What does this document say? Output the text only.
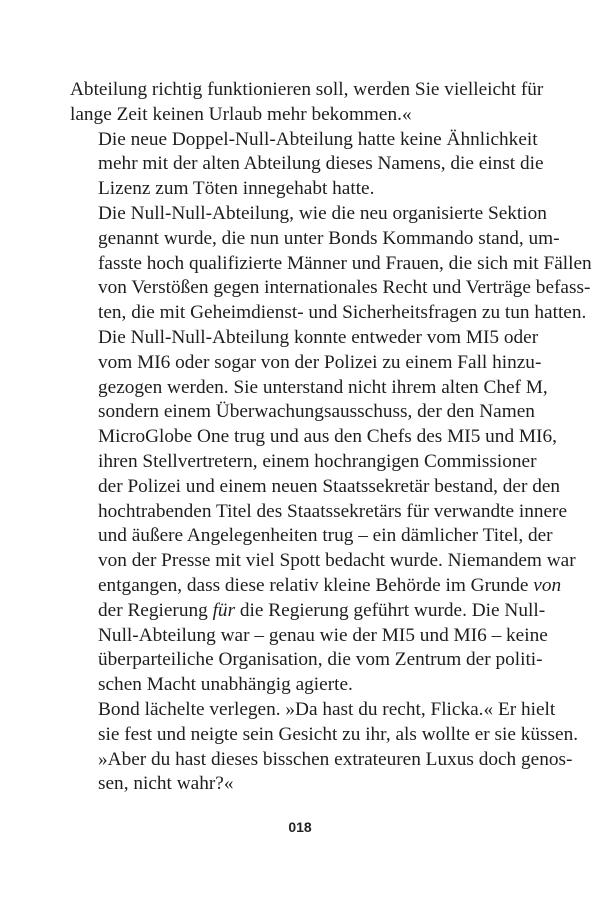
Abteilung richtig funktionieren soll, werden Sie vielleicht für
lange Zeit keinen Urlaub mehr bekommen.«

Die neue Doppel-Null-Abteilung hatte keine Ähnlichkeit
mehr mit der alten Abteilung dieses Namens, die einst die
Lizenz zum Töten innegehabt hatte.

Die Null-Null-Abteilung, wie die neu organisierte Sektion
genannt wurde, die nun unter Bonds Kommando stand, um-
fasste hoch qualifizierte Männer und Frauen, die sich mit Fällen
von Verstößen gegen internationales Recht und Verträge befass-
ten, die mit Geheimdienst- und Sicherheitsfragen zu tun hatten.

Die Null-Null-Abteilung konnte entweder vom MI5 oder
vom MI6 oder sogar von der Polizei zu einem Fall hinzu-
gezogen werden. Sie unterstand nicht ihrem alten Chef M,
sondern einem Überwachungsausschuss, der den Namen
MicroGlobe One trug und aus den Chefs des MI5 und MI6,
ihren Stellvertretern, einem hochrangigen Commissioner
der Polizei und einem neuen Staatssekretär bestand, der den
hochtrabenden Titel des Staatssekretärs für verwandte innere
und äußere Angelegenheiten trug – ein dämlicher Titel, der
von der Presse mit viel Spott bedacht wurde. Niemandem war
entgangen, dass diese relativ kleine Behörde im Grunde von
der Regierung für die Regierung geführt wurde. Die Null-
Null-Abteilung war – genau wie der MI5 und MI6 – keine
überparteiliche Organisation, die vom Zentrum der politi-
schen Macht unabhängig agierte.

Bond lächelte verlegen. »Da hast du recht, Flicka.« Er hielt
sie fest und neigte sein Gesicht zu ihr, als wollte er sie küssen.
»Aber du hast dieses bisschen extrateuren Luxus doch genos-
sen, nicht wahr?«

018
